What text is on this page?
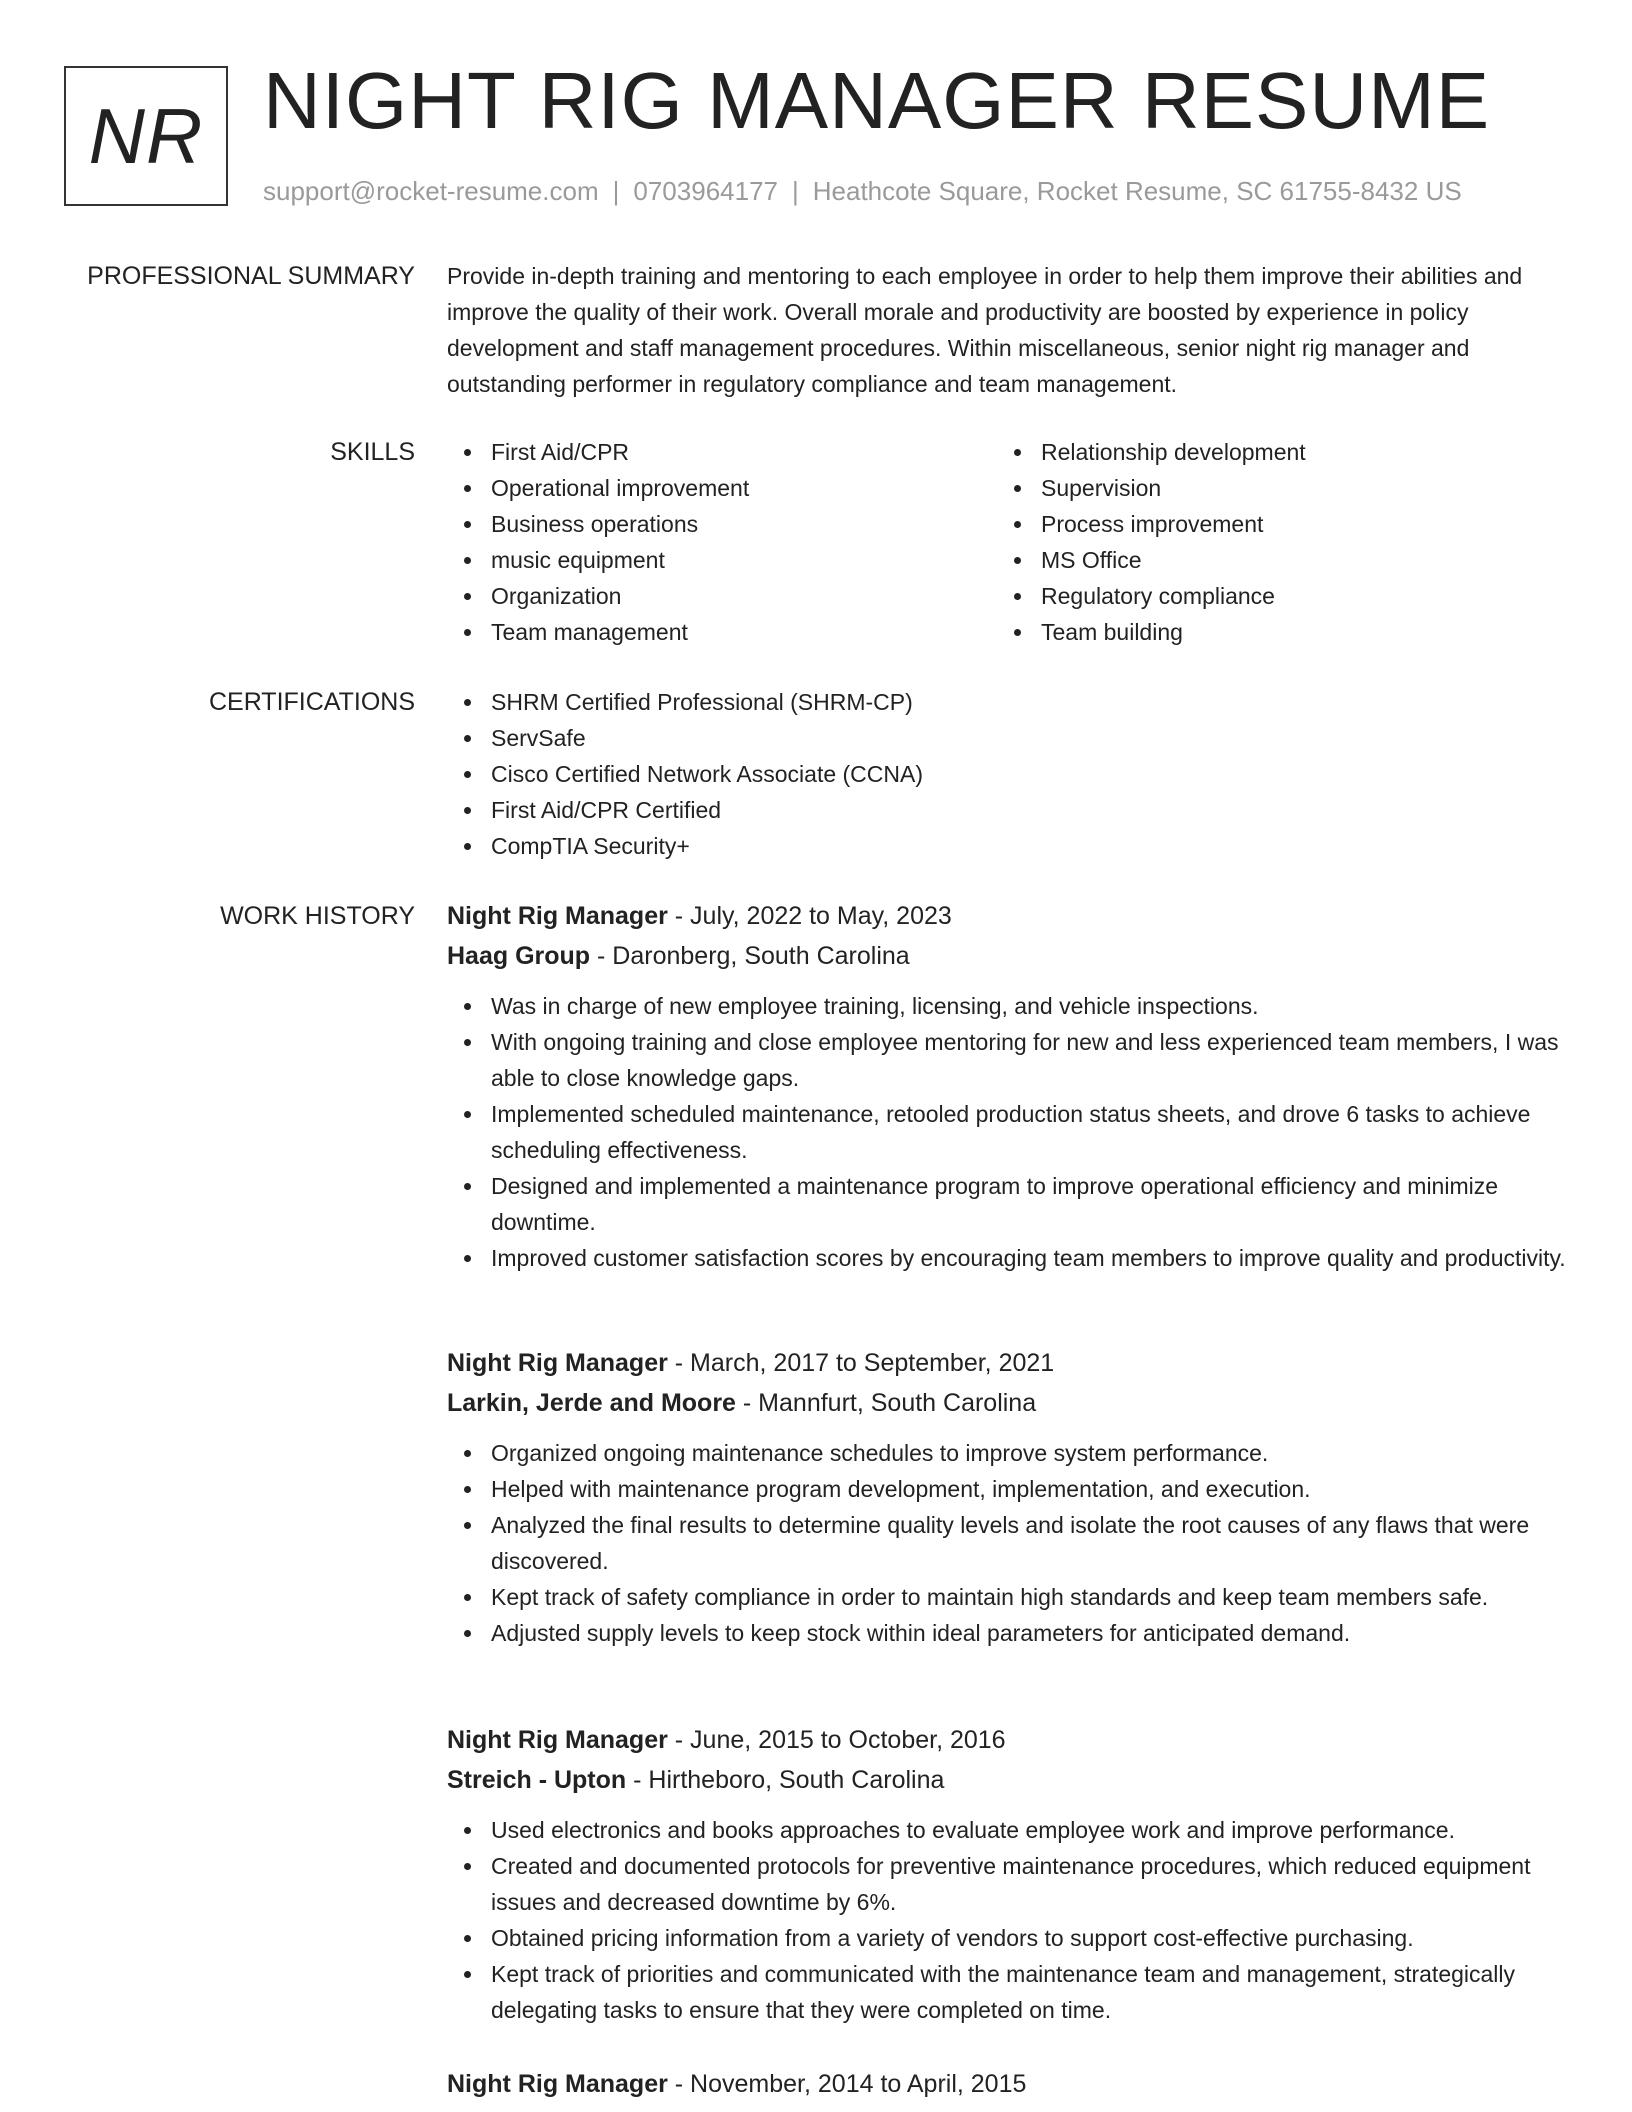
NR NIGHT RIG MANAGER RESUME
support@rocket-resume.com | 0703964177 | Heathcote Square, Rocket Resume, SC 61755-8432 US
PROFESSIONAL SUMMARY Provide in-depth training and mentoring to each employee in order to help them improve their abilities and improve the quality of their work. Overall morale and productivity are boosted by experience in policy development and staff management procedures. Within miscellaneous, senior night rig manager and outstanding performer in regulatory compliance and team management.

SKILLS	First Aid/CPR
Operational improvement
Business operations
music equipment
Organization
Team management
Relationship development
Supervision
Process improvement
MS Office
Regulatory compliance
Team building
CERTIFICATIONS	SHRM Certified Professional (SHRM-CP)
ServSafe
Cisco Certified Network Associate (CCNA)
First Aid/CPR Certified
CompTIA Security+
WORK HISTORY Night Rig Manager - July, 2022 to May, 2023
Haag Group - Daronberg, South Carolina
Was in charge of new employee training, licensing, and vehicle inspections.
With ongoing training and close employee mentoring for new and less experienced team members, I was able to close knowledge gaps.
Implemented scheduled maintenance, retooled production status sheets, and drove 6 tasks to achieve scheduling effectiveness.
Designed and implemented a maintenance program to improve operational efficiency and minimize downtime.
Improved customer satisfaction scores by encouraging team members to improve quality and productivity.
Night Rig Manager - March, 2017 to September, 2021
Larkin, Jerde and Moore - Mannfurt, South Carolina
Organized ongoing maintenance schedules to improve system performance.
Helped with maintenance program development, implementation, and execution.
Analyzed the final results to determine quality levels and isolate the root causes of any flaws that were discovered.
Kept track of safety compliance in order to maintain high standards and keep team members safe.
Adjusted supply levels to keep stock within ideal parameters for anticipated demand.
Night Rig Manager - June, 2015 to October, 2016
Streich - Upton - Hirtheboro, South Carolina
Used electronics and books approaches to evaluate employee work and improve performance.
Created and documented protocols for preventive maintenance procedures, which reduced equipment issues and decreased downtime by 6%.
Obtained pricing information from a variety of vendors to support cost-effective purchasing.
Kept track of priorities and communicated with the maintenance team and management, strategically delegating tasks to ensure that they were completed on time.
Night Rig Manager - November, 2014 to April, 2015
